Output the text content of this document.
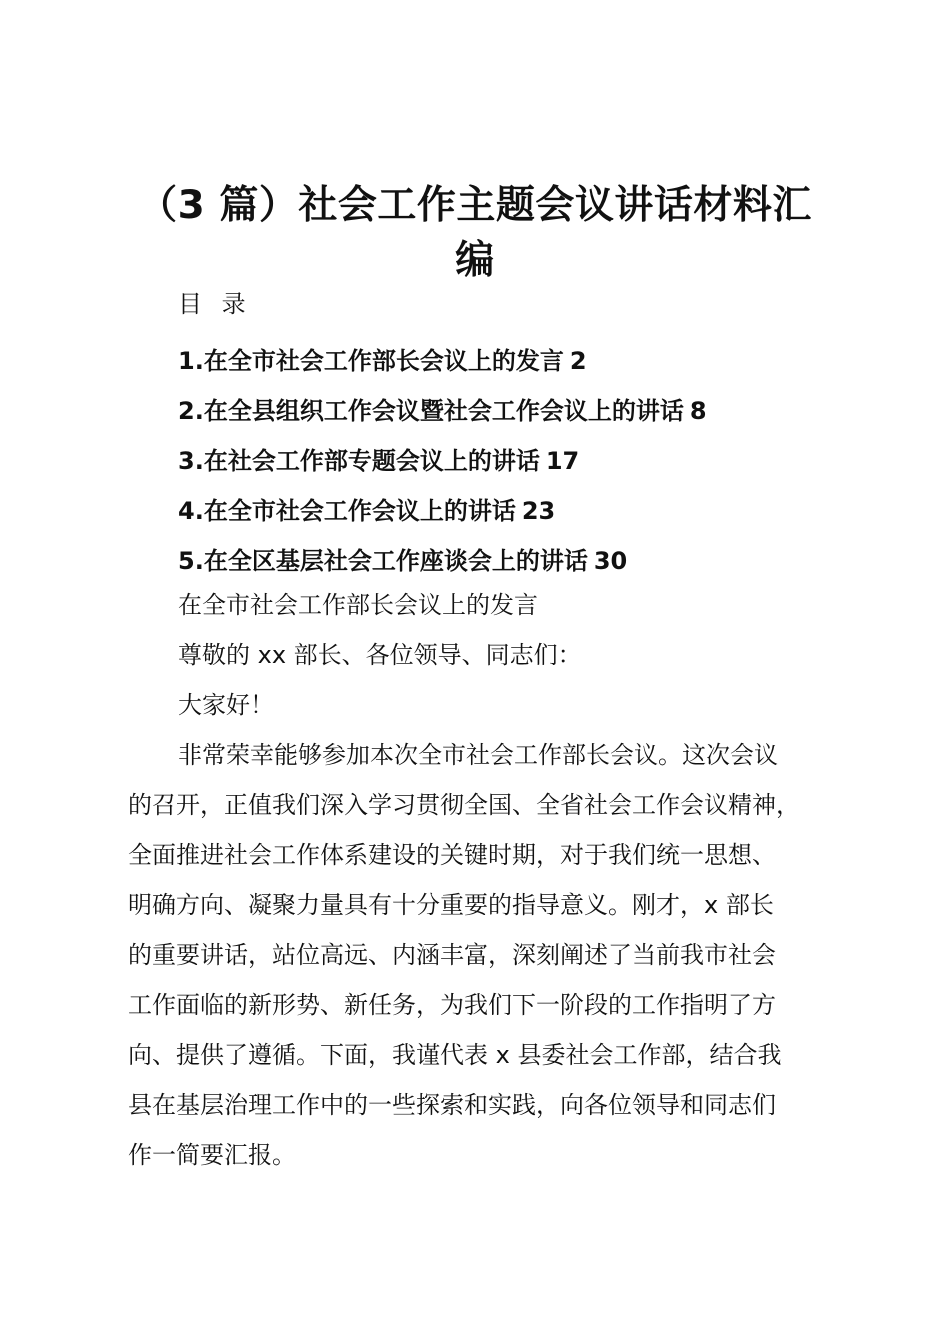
（3 篇）社会工作主题会议讲话材料汇
编
目 录
1.在全市社会工作部长会议上的发言 2
2.在全县组织工作会议暨社会工作会议上的讲话 8
3.在社会工作部专题会议上的讲话 17
4.在全市社会工作会议上的讲话 23
5.在全区基层社会工作座谈会上的讲话 30

在全市社会工作部长会议上的发言

尊敬的 xx 部长、各位领导、同志们：

大家好！

非常荣幸能够参加本次全市社会工作部长会议。这次会议

的召开，正值我们深入学习贯彻全国、全省社会工作会议精神，

全面推进社会工作体系建设的关键时期，对于我们统一思想、

明确方向、凝聚力量具有十分重要的指导意义。刚才，x 部长

的重要讲话，站位高远、内涵丰富，深刻阐述了当前我市社会

工作面临的新形势、新任务，为我们下一阶段的工作指明了方

向、提供了遵循。下面，我谨代表 x 县委社会工作部，结合我

县在基层治理工作中的一些探索和实践，向各位领导和同志们

作一简要汇报。
